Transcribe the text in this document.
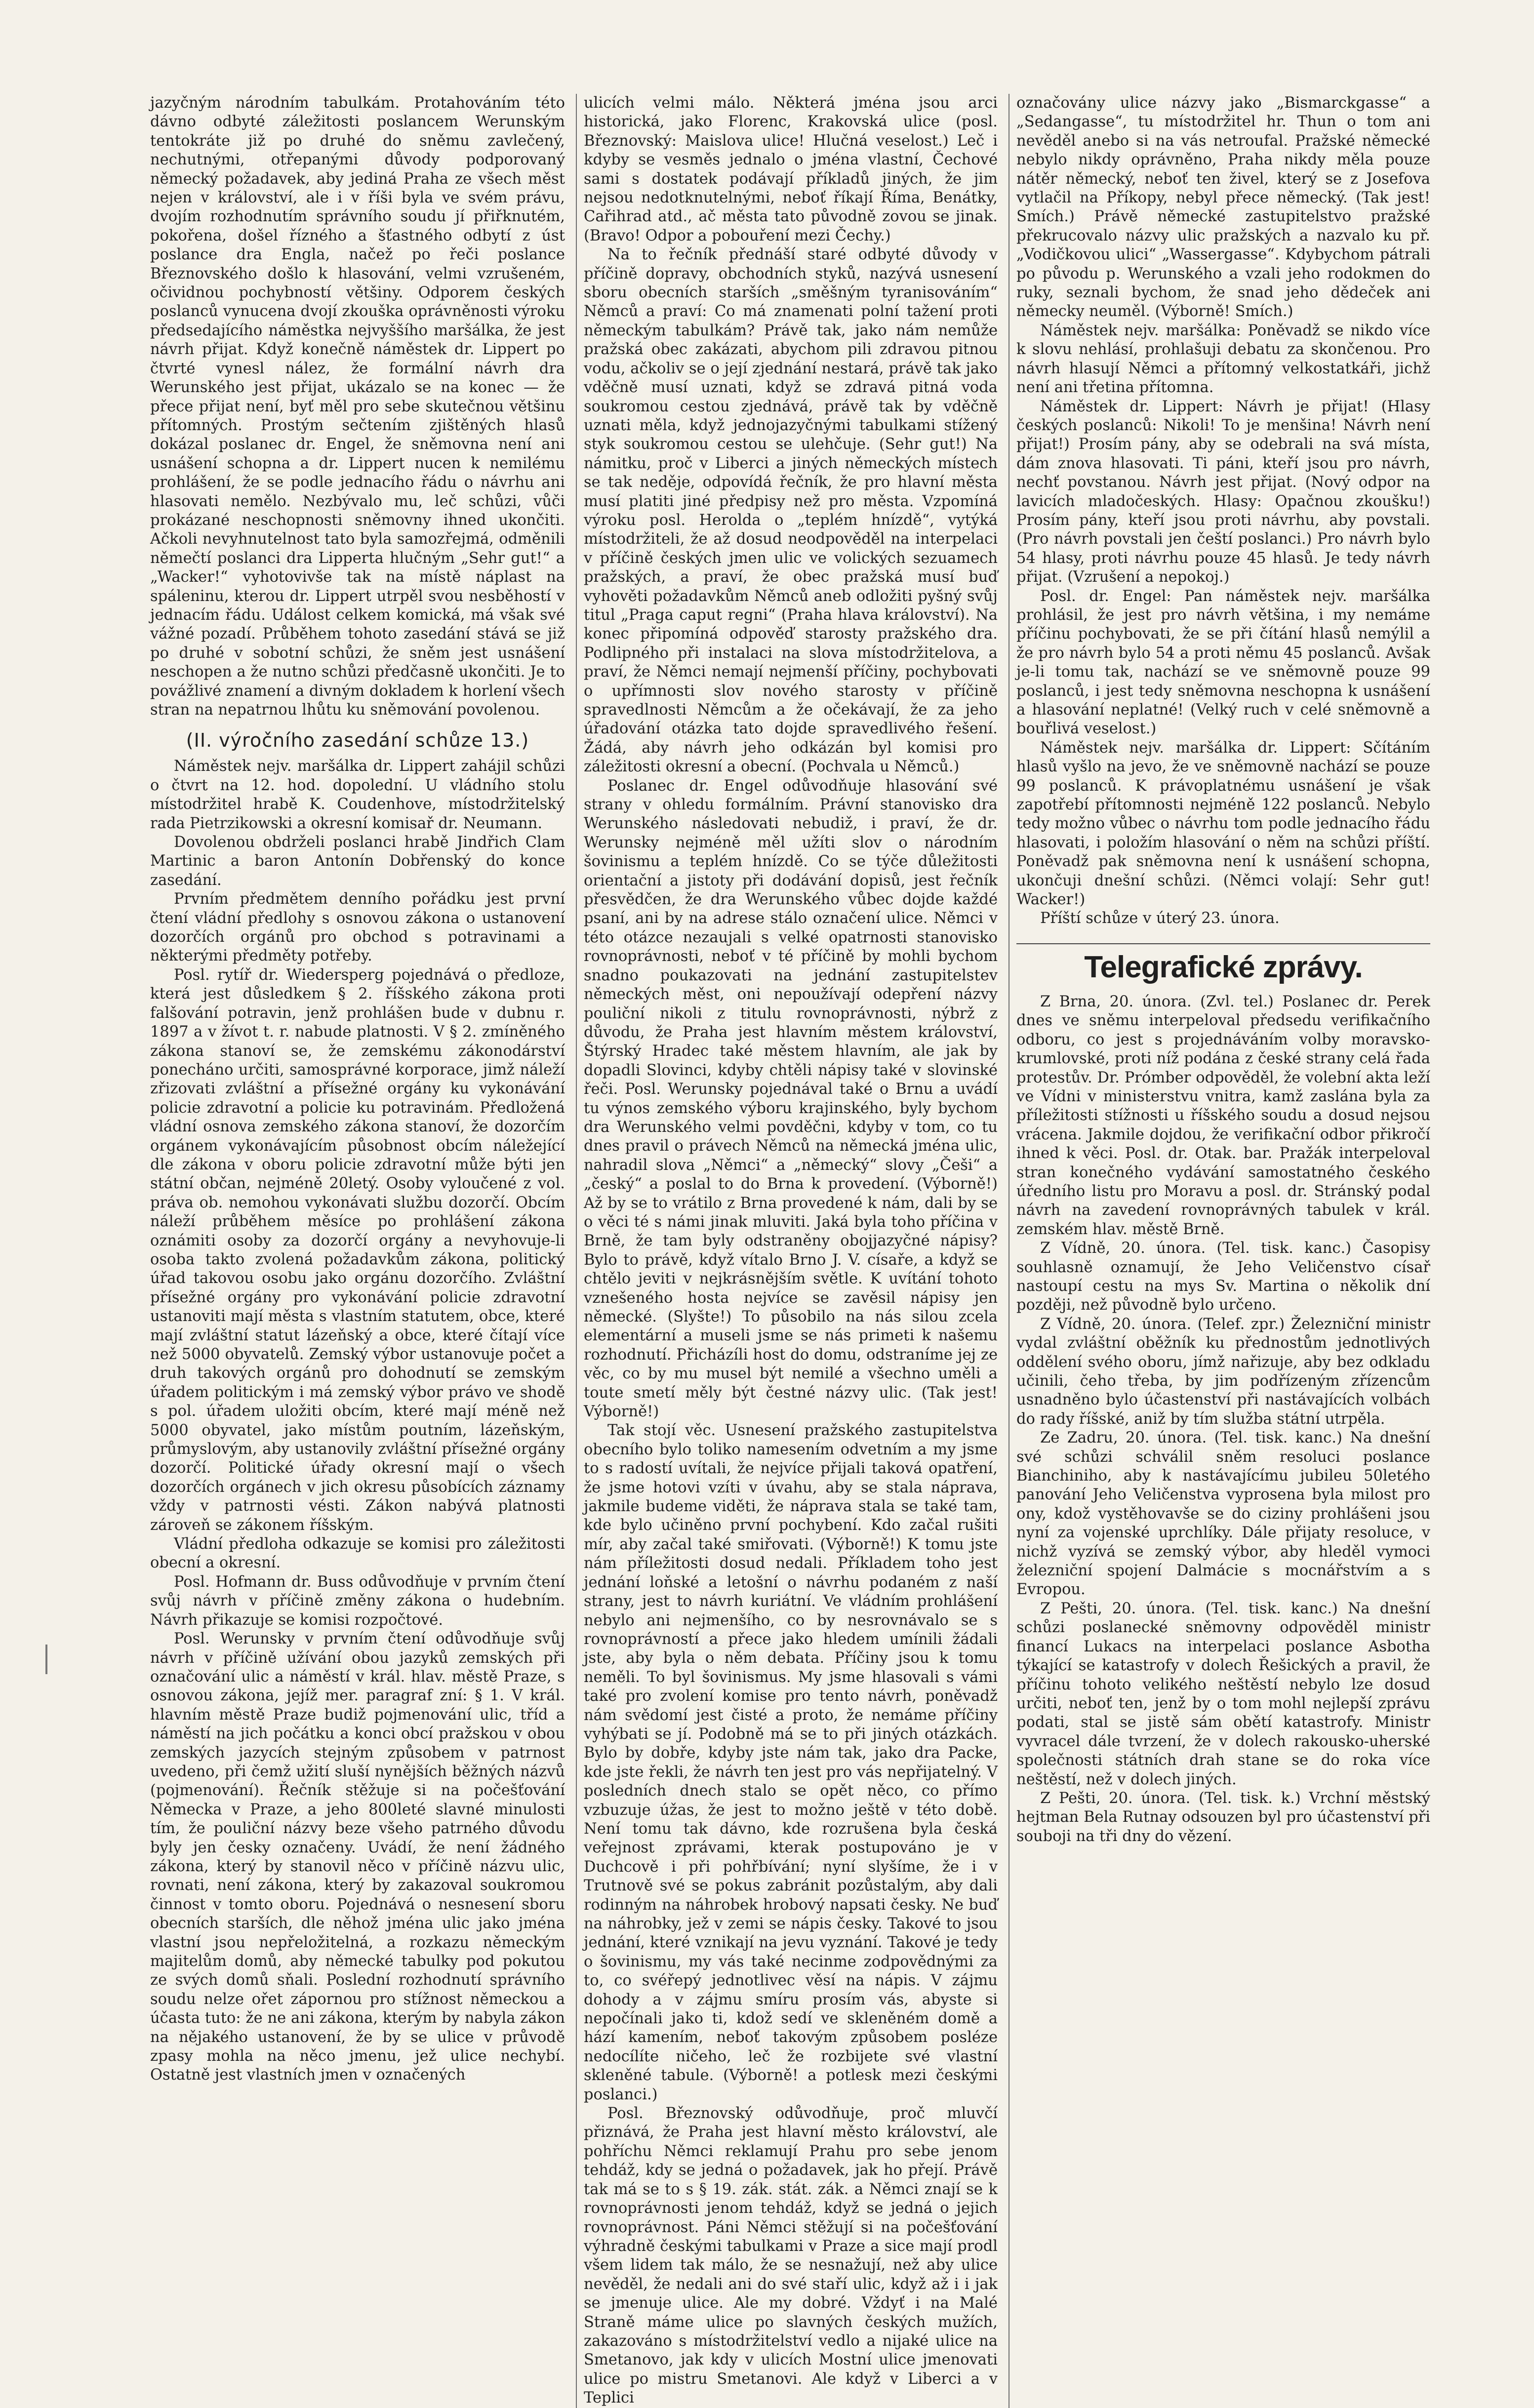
jazyčným národním tabulkám. Protahováním této dávno odbyté záležitosti poslancem Werunským tentokráte již po druhé do sněmu zavlečený, nechutnými, otřepanými důvody podporovaný německý požadavek, aby jediná Praha ze všech měst nejen v království, ale i v říši byla ve svém právu, dvojím rozhodnutím správního soudu jí přiřknutém, pokořena, došel řízného a šťastného odbytí z úst poslance dra Engla, načež po řeči poslance Březnovského došlo k hlasování, velmi vzrušeném, očividnou pochybností většiny. Odporem českých poslanců vynucena dvojí zkouška oprávněnosti výroku předsedajícího náměstka nejvyššího maršálka, že jest návrh přijat. Když konečně náměstek dr. Lippert po čtvrté vynesl nález, že formální návrh dra Werunského jest přijat, ukázalo se na konec — že přece přijat není, byť měl pro sebe skutečnou většinu přítomných. Prostým sečtením zjištěných hlasů dokázal poslanec dr. Engel, že sněmovna není ani usnášení schopna a dr. Lippert nucen k nemilému prohlášení, že se podle jednacího řádu o návrhu ani hlasovati nemělo. Nezbývalo mu, leč schůzi, vůči prokázané neschopnosti sněmovny ihned ukončiti. Ačkoli nevyhnutelnost tato byla samozřejmá, odměnili němečtí poslanci dra Lipperta hlučným „Sehr gut!“ a „Wacker!“ vyhotovivše tak na místě náplast na spáleninu, kterou dr. Lippert utrpěl svou nesběhostí v jednacím řádu. Událost celkem komická, má však své vážné pozadí. Průběhem tohoto zasedání stává se již po druhé v sobotní schůzi, že sněm jest usnášení neschopen a že nutno schůzi předčasně ukončiti. Je to povážlivé znamení a divným dokladem k horlení všech stran na nepatrnou lhůtu ku sněmování povolenou.

(II. výročního zasedání schůze 13.)

Náměstek nejv. maršálka dr. Lippert zahájil schůzi o čtvrt na 12. hod. dopolední. U vládního stolu místodržitel hrabě K. Coudenhove, místodržitelský rada Pietrzikowski a okresní komisař dr. Neumann.

Dovolenou obdrželi poslanci hrabě Jindřich Clam Martinic a baron Antonín Dobřenský do konce zasedání.

Prvním předmětem denního pořádku jest první čtení vládní předlohy s osnovou zákona o ustanovení dozorčích orgánů pro obchod s potravinami a některými předměty potřeby.

Posl. rytíř dr. Wiedersperg pojednává o předloze, která jest důsledkem § 2. říšského zákona proti falšování potravin, jenž prohlášen bude v dubnu r. 1897 a v žívot t. r. nabude platnosti. V § 2. zmíněného zákona stanoví se, že zemskému zákonodárství ponecháno určiti, samosprávné korporace, jimž náleží zřizovati zvláštní a přísežné orgány ku vykonávání policie zdravotní a policie ku potravinám. Předložená vládní osnova zemského zákona stanoví, že dozorčím orgánem vykonávajícím působnost obcím náležející dle zákona v oboru policie zdravotní může býti jen státní občan, nejméně 20letý. Osoby vyloučené z vol. práva ob. nemohou vykonávati službu dozorčí. Obcím náleží průběhem měsíce po prohlášení zákona oznámiti osoby za dozorčí orgány a nevyhovuje-li osoba takto zvolená požadavkům zákona, politický úřad takovou osobu jako orgánu dozorčího. Zvláštní přísežné orgány pro vykonávání policie zdravotní ustanoviti mají města s vlastním statutem, obce, které mají zvláštní statut lázeňský a obce, které čítají více než 5000 obyvatelů. Zemský výbor ustanovuje počet a druh takových orgánů pro dohodnutí se zemským úřadem politickým i má zemský výbor právo ve shodě s pol. úřadem uložiti obcím, které mají méně než 5000 obyvatel, jako místům poutním, lázeňským, průmyslovým, aby ustanovily zvláštní přísežné orgány dozorčí. Politické úřady okresní mají o všech dozorčích orgánech v jich okresu působících záznamy vždy v patrnosti vésti. Zákon nabývá platnosti zároveň se zákonem říšským.

Vládní předloha odkazuje se komisi pro záležitosti obecní a okresní.

Posl. Hofmann dr. Buss odůvodňuje v prvním čtení svůj návrh v příčině změny zákona o hudebním. Návrh přikazuje se komisi rozpočtové.

Posl. Werunsky v prvním čtení odůvodňuje svůj návrh v příčině užívání obou jazyků zemských při označování ulic a náměstí v král. hlav. městě Praze, s osnovou zákona, jejíž mer. paragraf zní: § 1. V král. hlavním městě Praze budiž pojmenování ulic, tříd a náměstí na jich počátku a konci obcí pražskou v obou zemských jazycích stejným způsobem v patrnost uvedeno, při čemž užití sluší nynějších běžných názvů (pojmenování). Řečník stěžuje si na počešťování Německa v Praze, a jeho 800leté slavné minulosti tím, že pouliční názvy beze všeho patrného důvodu byly jen česky označeny. Uvádí, že není žádného zákona, který by stanovil něco v příčině názvu ulic, rovnati, není zákona, který by zakazoval soukromou činnost v tomto oboru. Pojednává o nesnesení sboru obecních starších, dle něhož jména ulic jako jména vlastní jsou nepřeložitelná, a rozkazu německým majitelům domů, aby německé tabulky pod pokutou ze svých domů sňali. Poslední rozhodnutí správního soudu nelze ořet zápornou pro stížnost německou a účasta tuto: že ne ani zákona, kterým by nabyla zákon na nějakého ustanovení, že by se ulice v průvodě zpasy mohla na něco jmenu, jež ulice nechybí. Ostatně jest vlastních jmen v označených

ulicích velmi málo. Některá jména jsou arci historická, jako Florenc, Krakovská ulice (posl. Březnovský: Maislova ulice! Hlučná veselost.) Leč i kdyby se vesměs jednalo o jména vlastní, Čechové sami s dostatek podávají příkladů jiných, že jim nejsou nedotknutelnými, neboť říkají Říma, Benátky, Cařihrad atd., ač města tato původně zovou se jinak. (Bravo! Odpor a pobouření mezi Čechy.)

Na to řečník přednáší staré odbyté důvody v příčině dopravy, obchodních styků, nazývá usnesení sboru obecních starších „směšným tyranisováním“ Němců a praví: Co má znamenati polní tažení proti německým tabulkám? Právě tak, jako nám nemůže pražská obec zakázati, abychom pili zdravou pitnou vodu, ačkoliv se o její zjednání nestará, právě tak jako vděčně musí uznati, když se zdravá pitná voda soukromou cestou zjednává, právě tak by vděčně uznati měla, když jednojazyčnými tabulkami stížený styk soukromou cestou se ulehčuje. (Sehr gut!) Na námitku, proč v Liberci a jiných německých místech se tak neděje, odpovídá řečník, že pro hlavní města musí platiti jiné předpisy než pro města. Vzpomíná výroku posl. Herolda o „teplém hnízdě“, vytýká místodržiteli, že až dosud neodpověděl na interpelaci v příčině českých jmen ulic ve volických sezuamech pražských, a praví, že obec pražská musí buď vyhověti požadavkům Němců aneb odložiti pyšný svůj titul „Praga caput regni“ (Praha hlava království). Na konec připomíná odpověď starosty pražského dra. Podlipného při instalaci na slova místodržitelova, a praví, že Němci nemají nejmenší příčiny, pochybovati o upřímnosti slov nového starosty v příčině spravedlnosti Němcům a že očekávají, že za jeho úřadování otázka tato dojde spravedlivého řešení. Žádá, aby návrh jeho odkázán byl komisi pro záležitosti okresní a obecní. (Pochvala u Němců.)

Poslanec dr. Engel odůvodňuje hlasování své strany v ohledu formálním. Právní stanovisko dra Werunského následovati nebudiž, i praví, že dr. Werunsky nejméně měl užíti slov o národním šovinismu a teplém hnízdě. Co se týče důležitosti orientační a jistoty při dodávání dopisů, jest řečník přesvědčen, že dra Werunského vůbec dojde každé psaní, ani by na adrese stálo označení ulice. Němci v této otázce nezaujali s velké opatrnosti stanovisko rovnoprávnosti, neboť v té příčině by mohli bychom snadno poukazovati na jednání zastupitelstev německých měst, oni nepoužívají odepření názvy pouliční nikoli z titulu rovnoprávnosti, nýbrž z důvodu, že Praha jest hlavním městem království, Štýrský Hradec také městem hlavním, ale jak by dopadli Slovinci, kdyby chtěli nápisy také v slovinské řeči. Posl. Werunsky pojednával také o Brnu a uvádí tu výnos zemského výboru krajinského, byly bychom dra Werunského velmi povděčni, kdyby v tom, co tu dnes pravil o právech Němců na německá jména ulic, nahradil slova „Němci“ a „německý“ slovy „Češi“ a „český“ a poslal to do Brna k provedení. (Výborně!) Až by se to vrátilo z Brna provedené k nám, dali by se o věci té s námi jinak mluviti. Jaká byla toho příčina v Brně, že tam byly odstraněny obojjazyčné nápisy? Bylo to právě, když vítalo Brno J. V. císaře, a když se chtělo jeviti v nejkrásnějším světle. K uvítání tohoto vznešeného hosta nejvíce se zavěsil nápisy jen německé. (Slyšte!) To působilo na nás silou zcela elementární a museli jsme se nás primeti k našemu rozhodnutí. Přicházíli host do domu, odstraníme jej ze věc, co by mu musel být nemilé a všechno uměli a toute smetí měly být čestné názvy ulic. (Tak jest! Výborně!)

Tak stojí věc. Usnesení pražského zastupitelstva obecního bylo toliko namesením odvetním a my jsme to s radostí uvítali, že nejvíce přijali taková opatření, že jsme hotovi vzíti v úvahu, aby se stala náprava, jakmile budeme viděti, že náprava stala se také tam, kde bylo učiněno první pochybení. Kdo začal rušiti mír, aby začal také smiřovati. (Výborně!) K tomu jste nám příležitosti dosud nedali. Příkladem toho jest jednání loňské a letošní o návrhu podaném z naší strany, jest to návrh kuriátní. Ve vládním prohlášení nebylo ani nejmenšího, co by nesrovnávalo se s rovnoprávností a přece jako hledem umínili žádali jste, aby byla o něm debata. Příčiny jsou k tomu neměli. To byl šovinismus. My jsme hlasovali s vámi také pro zvolení komise pro tento návrh, poněvadž nám svědomí jest čisté a proto, že nemáme příčiny vyhýbati se jí. Podobně má se to při jiných otázkách. Bylo by dobře, kdyby jste nám tak, jako dra Packe, kde jste řekli, že návrh ten jest pro vás nepřijatelný. V posledních dnech stalo se opět něco, co přímo vzbuzuje úžas, že jest to možno ještě v této době. Není tomu tak dávno, kde rozrušena byla česká veřejnost zprávami, kterak postupováno je v Duchcově i při pohřbívání; nyní slyšíme, že i v Trutnově své se pokus zabránit pozůstalým, aby dali rodinným na náhrobek hrobový napsati česky. Ne buď na náhrobky, jež v zemi se nápis česky. Takové to jsou jednání, které vznikají na jevu vyznání. Takové je tedy o šovinismu, my vás také necinme zodpovědnými za to, co svéřepý jednotlivec věsí na nápis. V zájmu dohody a v zájmu smíru prosím vás, abyste si nepočínali jako ti, kdož sedí ve skleněném domě a hází kamením, neboť takovým způsobem posléze nedocílíte ničeho, leč že rozbijete své vlastní skleněné tabule. (Výborně! a potlesk mezi českými poslanci.)

Posl. Březnovský odůvodňuje, proč mluvčí přiznává, že Praha jest hlavní město království, ale pohříchu Němci reklamují Prahu pro sebe jenom tehdáž, kdy se jedná o požadavek, jak ho přejí. Právě tak má se to s § 19. zák. stát. zák. a Němci znají se k rovnoprávnosti jenom tehdáž, když se jedná o jejich rovnoprávnost. Páni Němci stěžují si na počešťování výhradně českými tabulkami v Praze a sice mají prodl všem lidem tak málo, že se nesnažují, než aby ulice nevěděl, že nedali ani do své staří ulic, když až i i jak se jmenuje ulice. Ale my dobré. Vždyť i na Malé Straně máme ulice po slavných českých mužích, zakazováno s místodržitelství vedlo a nijaké ulice na Smetanovo, jak kdy v ulicích Mostní ulice jmenovati ulice po mistru Smetanovi. Ale když v Liberci a v Teplici

označovány ulice názvy jako „Bismarckgasse“ a „Sedangasse“, tu místodržitel hr. Thun o tom ani nevěděl anebo si na vás netroufal. Pražské německé nebylo nikdy oprávněno, Praha nikdy měla pouze nátěr německý, neboť ten živel, který se z Josefova vytlačil na Příkopy, nebyl přece německý. (Tak jest! Smích.) Právě německé zastupitelstvo pražské překrucovalo názvy ulic pražských a nazvalo ku př. „Vodičkovou ulici“ „Wassergasse“. Kdybychom pátrali po původu p. Werunského a vzali jeho rodokmen do ruky, seznali bychom, že snad jeho dědeček ani německy neuměl. (Výborně! Smích.)

Náměstek nejv. maršálka: Poněvadž se nikdo více k slovu nehlásí, prohlašuji debatu za skončenou. Pro návrh hlasují Němci a přítomný velkostatkáři, jichž není ani třetina přítomna.

Náměstek dr. Lippert: Návrh je přijat! (Hlasy českých poslanců: Nikoli! To je menšina! Návrh není přijat!) Prosím pány, aby se odebrali na svá místa, dám znova hlasovati. Ti páni, kteří jsou pro návrh, nechť povstanou. Návrh jest přijat. (Nový odpor na lavicích mladočeských. Hlasy: Opačnou zkoušku!) Prosím pány, kteří jsou proti návrhu, aby povstali. (Pro návrh povstali jen čeští poslanci.) Pro návrh bylo 54 hlasy, proti návrhu pouze 45 hlasů. Je tedy návrh přijat. (Vzrušení a nepokoj.)

Posl. dr. Engel: Pan náměstek nejv. maršálka prohlásil, že jest pro návrh většina, i my nemáme příčinu pochybovati, že se při čítání hlasů nemýlil a že pro návrh bylo 54 a proti němu 45 poslanců. Avšak je-li tomu tak, nachází se ve sněmovně pouze 99 poslanců, i jest tedy sněmovna neschopna k usnášení a hlasování neplatné! (Velký ruch v celé sněmovně a bouřlivá veselost.)

Náměstek nejv. maršálka dr. Lippert: Sčítáním hlasů vyšlo na jevo, že ve sněmovně nachází se pouze 99 poslanců. K právoplatnému usnášení je však zapotřebí přítomnosti nejméně 122 poslanců. Nebylo tedy možno vůbec o návrhu tom podle jednacího řádu hlasovati, i položím hlasování o něm na schůzi příští. Poněvadž pak sněmovna není k usnášení schopna, ukončuji dnešní schůzi. (Němci volají: Sehr gut! Wacker!)

Příští schůze v úterý 23. února.

Telegrafické zprávy.

Z Brna, 20. února. (Zvl. tel.) Poslanec dr. Perek dnes ve sněmu interpeloval předsedu verifikačního odboru, co jest s projednáváním volby moravsko-krumlovské, proti níž podána z české strany celá řada protestův. Dr. Prómber odpověděl, že volební akta leží ve Vídni v ministerstvu vnitra, kamž zaslána byla za příležitosti stížnosti u říšského soudu a dosud nejsou vrácena. Jakmile dojdou, že verifikační odbor přikročí ihned k věci. Posl. dr. Otak. bar. Pražák interpeloval stran konečného vydávání samostatného českého úředního listu pro Moravu a posl. dr. Stránský podal návrh na zavedení rovnoprávných tabulek v král. zemském hlav. městě Brně.

Z Vídně, 20. února. (Tel. tisk. kanc.) Časopisy souhlasně oznamují, že Jeho Veličenstvo císař nastoupí cestu na mys Sv. Martina o několik dní později, než původně bylo určeno.

Z Vídně, 20. února. (Telef. zpr.) Železniční ministr vydal zvláštní oběžník ku přednostům jednotlivých oddělení svého oboru, jímž nařizuje, aby bez odkladu učinili, čeho třeba, by jim podřízeným zřízencům usnadněno bylo účastenství při nastávajících volbách do rady říšské, aniž by tím služba státní utrpěla.

Ze Zadru, 20. února. (Tel. tisk. kanc.) Na dnešní své schůzi schválil sněm resoluci poslance Bianchiniho, aby k nastávajícímu jubileu 50letého panování Jeho Veličenstva vyprosena byla milost pro ony, kdož vystěhovavše se do ciziny prohlášeni jsou nyní za vojenské uprchlíky. Dále přijaty resoluce, v nichž vyzívá se zemský výbor, aby hleděl vymoci železniční spojení Dalmácie s mocnářstvím a s Evropou.

Z Pešti, 20. února. (Tel. tisk. kanc.) Na dnešní schůzi poslanecké sněmovny odpověděl ministr financí Lukacs na interpelaci poslance Asbotha týkající se katastrofy v dolech Řešických a pravil, že příčinu tohoto velikého neštěstí nebylo lze dosud určiti, neboť ten, jenž by o tom mohl nejlepší zprávu podati, stal se jistě sám obětí katastrofy. Ministr vyvracel dále tvrzení, že v dolech rakousko-uherské společnosti státních drah stane se do roka více neštěstí, než v dolech jiných.

Z Pešti, 20. února. (Tel. tisk. k.) Vrchní městský hejtman Bela Rutnay odsouzen byl pro účastenství při souboji na tři dny do vězení.
